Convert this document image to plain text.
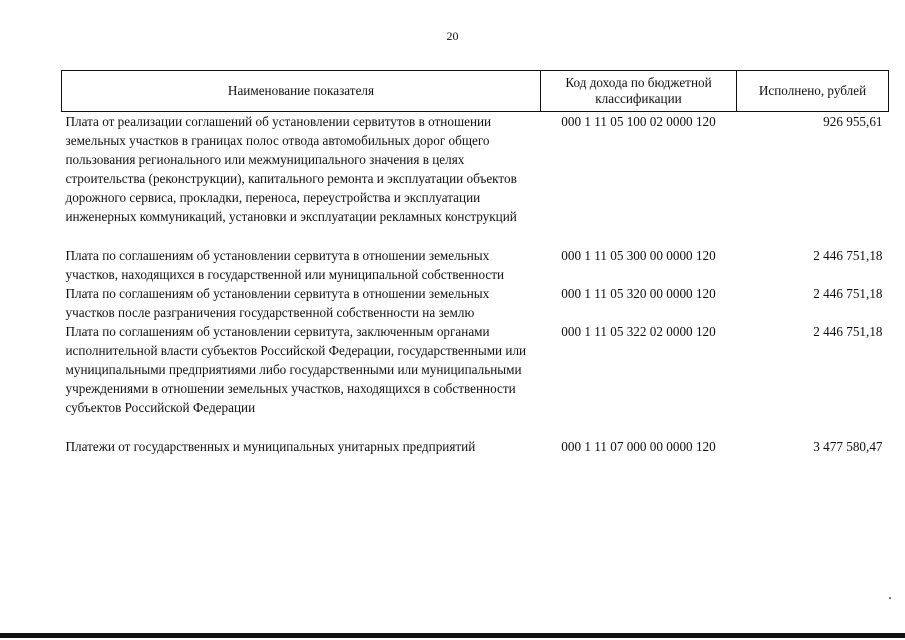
20
Наименование показателя	Код дохода по бюджетной классификации	Исполнено, рублей
Плата от реализации соглашений об установлении сервитутов в отношении земельных участков в границах полос отвода автомобильных дорог общего пользования регионального или межмуниципального значения в целях строительства (реконструкции), капитального ремонта и эксплуатации объектов дорожного сервиса, прокладки, переноса, переустройства и эксплуатации инженерных коммуникаций, установки и эксплуатации рекламных конструкций	000 1 11 05 100 02 0000 120	926 955,61
Плата по соглашениям об установлении сервитута в отношении земельных участков, находящихся в государственной или муниципальной собственности	000 1 11 05 300 00 0000 120	2 446 751,18
Плата по соглашениям об установлении сервитута в отношении земельных участков после разграничения государственной собственности на землю	000 1 11 05 320 00 0000 120	2 446 751,18
Плата по соглашениям об установлении сервитута, заключенным органами исполнительной власти субъектов Российской Федерации, государственными или муниципальными предприятиями либо государственными или муниципальными учреждениями в отношении земельных участков, находящихся в собственности субъектов Российской Федерации	000 1 11 05 322 02 0000 120	2 446 751,18
Платежи от государственных и муниципальных унитарных предприятий	000 1 11 07 000 00 0000 120	3 477 580,47
